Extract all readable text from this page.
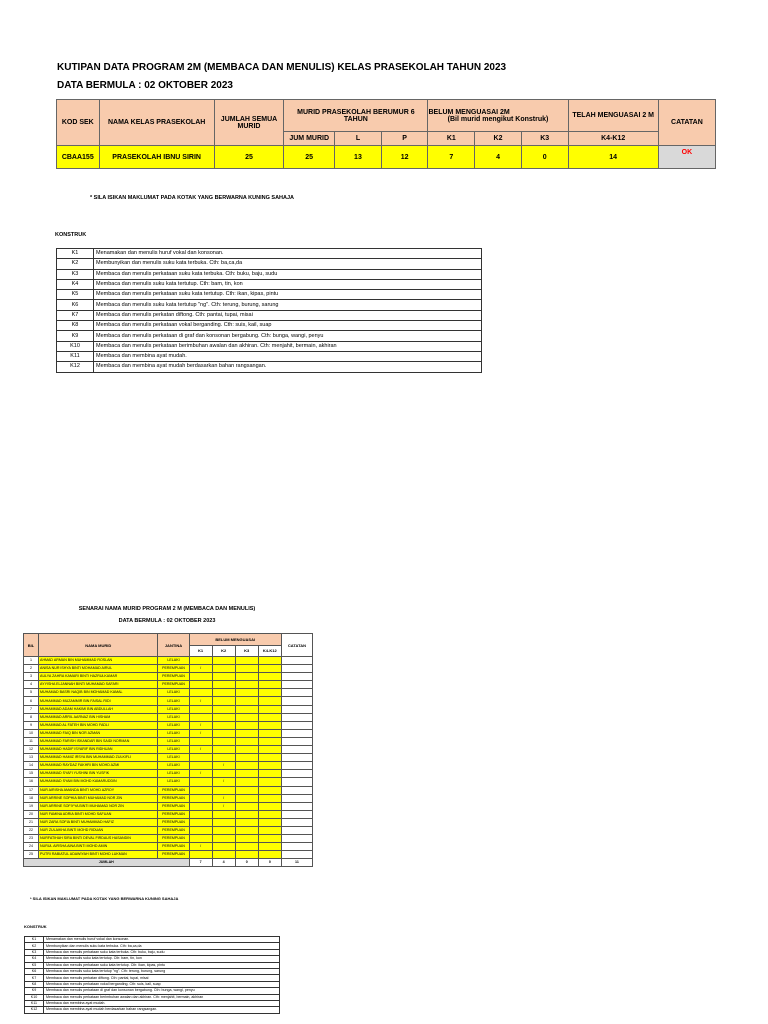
KUTIPAN DATA PROGRAM 2M (MEMBACA DAN MENULIS) KELAS PRASEKOLAH TAHUN 2023
DATA BERMULA : 02 OKTOBER 2023
KOD SEK	NAMA KELAS PRASEKOLAH	JUMLAH SEMUA MURID	MURID PRASEKOLAH BERUMUR 6 TAHUN			BELUM MENGUASAI 2M
(Bil murid mengikut Konstruk)			TELAH MENGUASAI 2 M	CATATAN
			JUM MURID	L	P	K1	K2	K3	K4-K12	
CBAA155	PRASEKOLAH IBNU SIRIN	25	25	13	12	7	4	0	14	OK
* SILA ISIKAN MAKLUMAT PADA KOTAK YANG BERWARNA KUNING SAHAJA
KONSTRUK
K1	Menamakan dan menulis huruf vokal dan konsonan.
K2	Membunyikan dan menulis suku kata terbuka. Cth: ba,ca,da
K3	Membaca dan menulis perkataan suku kata terbuka. Cth: buku, baju, sudu
K4	Membaca dan menulis suku kata tertutup. Cth: bam, tin, kon
K5	Membaca dan menulis perkataan suku kata tertutup. Cth: ikan, kipas, pintu
K6	Membaca dan menulis suku kata tertutup "ng". Cth: terung, burung, sarung
K7	Membaca dan menulis perkatan diftong. Cth: pantai, tupai, misai
K8	Membaca dan menulis perkataan vokal berganding. Cth: suis, kail, suap
K9	Membaca dan menulis perkataan di graf dan konsonan bergabung. Cth: bunga, wangi, penyu
K10	Membaca dan menulis perkataan berimbuhan awalan dan akhiran. Cth: menjahit, bermain, akhiran
K11	Membaca dan membina ayat mudah.
K12	Membaca dan membina ayat mudah berdasarkan bahan rangsangan.
SENARAI NAMA MURID PROGRAM 2 M (MEMBACA DAN MENULIS)
DATA BERMULA : 02 OKTOBER 2023
BIL	NAMA MURID	JANTINA	BELUM MENGUASAI				CATATAN
			K1	K2	K3	K4-K12	
1	AHMAD ARMAN BIN MUHAMMAD ROSLAN	LELAKI					
2	ANISA NUR ISHYA BINTI MOHAMAD AIRUL	PEREMPUAN	/				
3	AULYA ZAHRA KAMARI BINTI HAZRULKAMAR	PEREMPUAN					
4	AYYISHA ELJANNAH BINTI MUHAMAD SAFARI	PEREMPUAN					
5	MUHAMAD BASRI NAQIB BIN MOHAMAD KAMAL	LELAKI					
6	MUHAMMAD MUZAMMIR BIN FAISAL RIDI	LELAKI	/				
7	MUHAMMAD ADAM HAKIMI BIN ABDULLAH	LELAKI					
8	MUHAMMAD ARRIL AARNAZ BIN HISHAM	LELAKI					
9	MUHAMMAD AL FATEH BIN MOHD FADLI	LELAKI	/				
10	MUHAMMAD FAIQ BIN NOR AZMAN	LELAKI	/				
11	MUHAMMAD FARISH ISKANDAR BIN SAIDI NORMAN	LELAKI					
12	MUHAMMAD HADIF ISYARIF BIN RIDHUAN	LELAKI	/				
13	MUHAMMAD HAMIZ IRSYA BIN MUHAMMAD ZULKIFLI	LELAKI					
14	MUHAMMAD RAYDAZ FAKHRI BIN MOHD AZMI	LELAKI		/			
15	MUHAMMAD SYAFI YUSHINI BIN YUSFIK	LELAKI	/				
16	MUHAMMAD SYAM BIN MOHD KAMARUDDIN	LELAKI		/			
17	NUR AIRISHA AMANDA BINTI MOHD AZROY	PEREMPUAN					
18	NUR ARRINE SOPHIA BINTI MUHAMAD NOR ZIN	PEREMPUAN		/			
19	NUR ARRINE SOFIYYA BINTI MUHAMAD NOR ZIN	PEREMPUAN		/			
20	NUR FAMINA ADRIA BINTI MOHD SAFUAN	PEREMPUAN					
21	NUR ZARA SOFIA BINTI MUHAMMAD HAFIZ	PEREMPUAN					
22	NUR ZULAIKHA BINTI MOHD RIDUAN	PEREMPUAN					
23	NURFATIHAH SIRA BINTI DEVAL FIRDAUS HASANDIN	PEREMPUAN					
24	NURUL AIRSHA AINA BINTI MOHD AMIN	PEREMPUAN	/				
25	PUTRI RABIATUL ADAWIYAH BINTI MOHD LUKMAN	PEREMPUAN					
JUMLAH			7	4	0	0	11
* SILA ISIKAN MAKLUMAT PADA KOTAK YANG BERWARNA KUNING SAHAJA
KONSTRUK
K1	Menamakan dan menulis huruf vokal dan konsonan.
K2	Membunyikan dan menulis suku kata terbuka. Cth: ba,ca,da
K3	Membaca dan menulis perkataan suku kata terbuka. Cth: buku, baju, sudu
K4	Membaca dan menulis suku kata tertutup. Cth: bam, tin, kon
K5	Membaca dan menulis perkataan suku kata tertutup. Cth: ikan, kipas, pintu
K6	Membaca dan menulis suku kata tertutup "ng". Cth: terung, burung, sarung
K7	Membaca dan menulis perkatan diftong. Cth: pantai, tupai, misai
K8	Membaca dan menulis perkataan vokal berganding. Cth: suis, kail, suap
K9	Membaca dan menulis perkataan di graf dan konsonan bergabung. Cth: bunga, wangi, penyu
K10	Membaca dan menulis perkataan berimbuhan awalan dan akhiran. Cth: menjahit, bermain, akhiran
K11	Membaca dan membina ayat mudah.
K12	Membaca dan membina ayat mudah berdasarkan bahan rangsangan.
